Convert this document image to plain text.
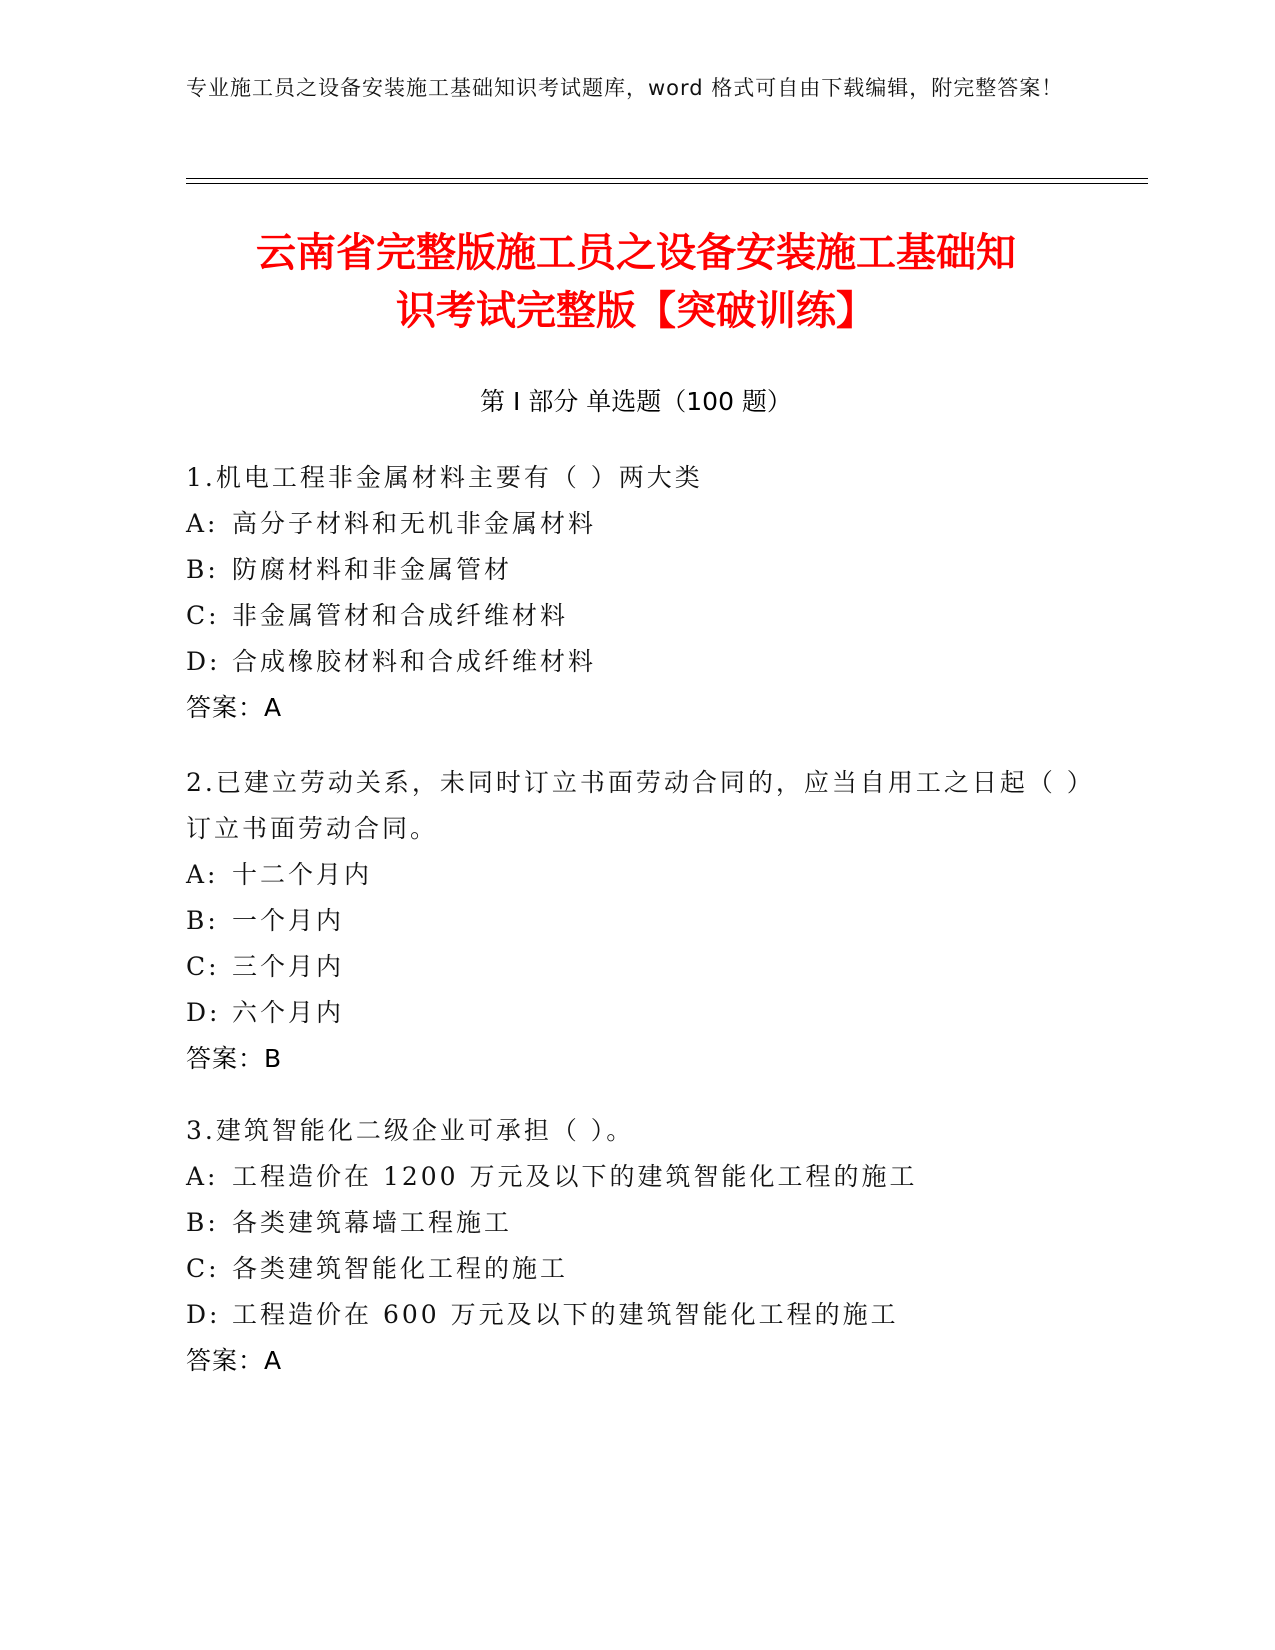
专业施工员之设备安装施工基础知识考试题库，word 格式可自由下载编辑，附完整答案！
云南省完整版施工员之设备安装施工基础知
识考试完整版【突破训练】
第 I 部分 单选题（100 题）
1.机电工程非金属材料主要有（ ）两大类
A: 高分子材料和无机非金属材料
B: 防腐材料和非金属管材
C: 非金属管材和合成纤维材料
D: 合成橡胶材料和合成纤维材料
答案：A
2.已建立劳动关系，未同时订立书面劳动合同的，应当自用工之日起（ ）订立书面劳动合同。
A: 十二个月内
B: 一个月内
C: 三个月内
D: 六个月内
答案：B
3.建筑智能化二级企业可承担（ ）。
A: 工程造价在 1200 万元及以下的建筑智能化工程的施工
B: 各类建筑幕墙工程施工
C: 各类建筑智能化工程的施工
D: 工程造价在 600 万元及以下的建筑智能化工程的施工
答案：A
